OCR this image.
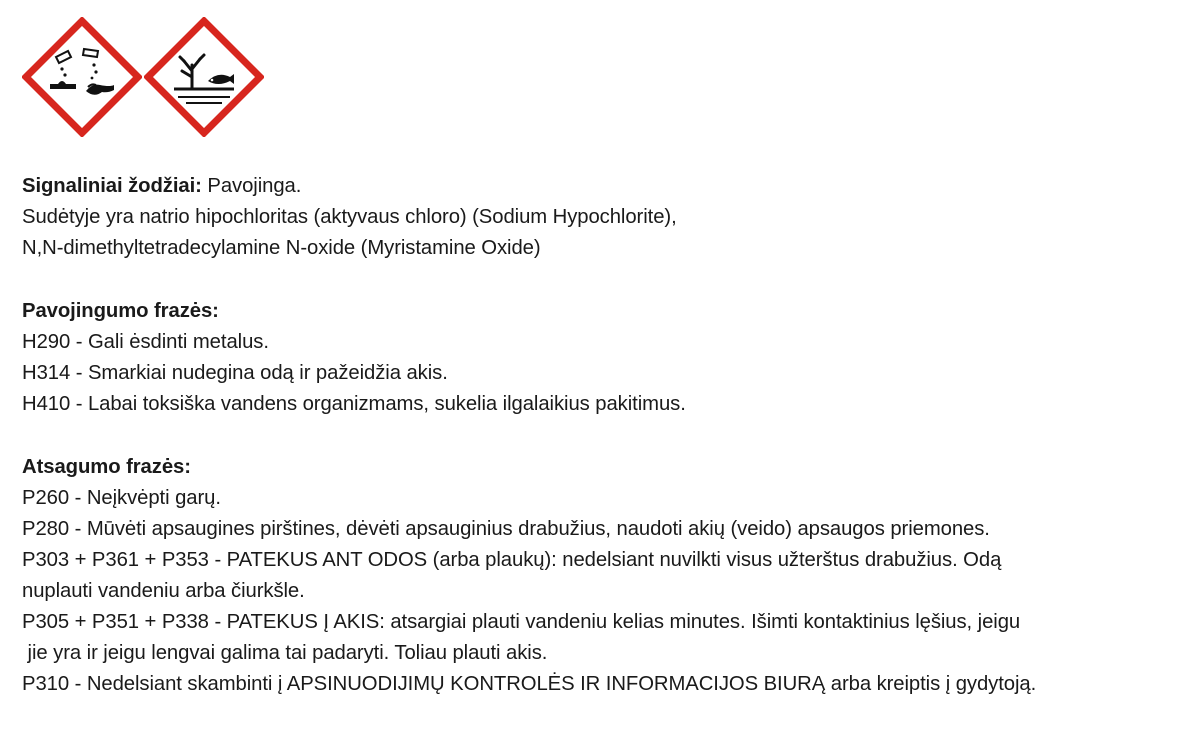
Signaliniai žodžiai: Pavojinga.
Sudėtyje yra natrio hipochloritas (aktyvaus chloro) (Sodium Hypochlorite),
N,N-dimethyltetradecylamine N-oxide (Myristamine Oxide)
Pavojingumo frazės:
H290 - Gali ėsdinti metalus.
H314 - Smarkiai nudegina odą ir pažeidžia akis.
H410 - Labai toksiška vandens organizmams, sukelia ilgalaikius pakitimus.
Atsagumo frazės:
P260 - Neįkvėpti garų.
P280 - Mūvėti apsaugines pirštines, dėvėti apsauginius drabužius, naudoti akių (veido) apsaugos priemones.
P303 + P361 + P353 - PATEKUS ANT ODOS (arba plaukų): nedelsiant nuvilkti visus užterštus drabužius. Odą
nuplauti vandeniu arba čiurkšle.
P305 + P351 + P338 - PATEKUS Į AKIS: atsargiai plauti vandeniu kelias minutes. Išimti kontaktinius lęšius, jeigu
jie yra ir jeigu lengvai galima tai padaryti. Toliau plauti akis.
P310 - Nedelsiant skambinti į APSINUODIJIMŲ KONTROLĖS IR INFORMACIJOS BIURĄ arba kreiptis į gydytoją.
